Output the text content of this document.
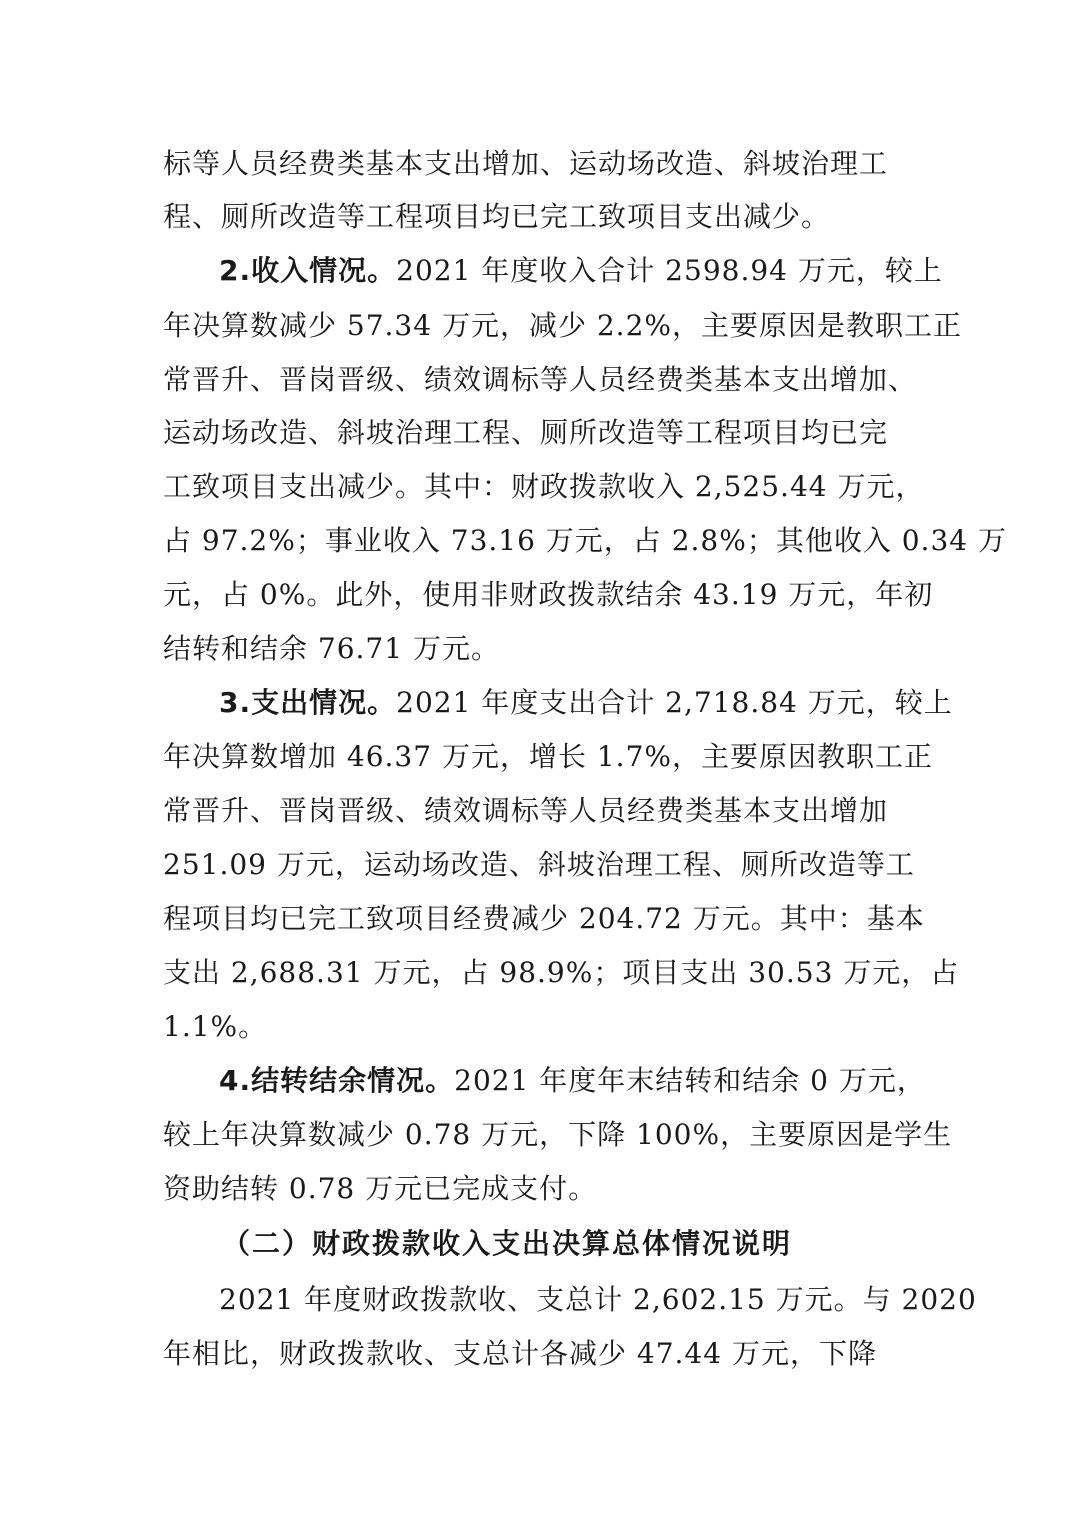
标等人员经费类基本支出增加、运动场改造、斜坡治理工
程、厕所改造等工程项目均已完工致项目支出减少。
2.收入情况。2021 年度收入合计 2598.94 万元，较上
年决算数减少 57.34 万元，减少 2.2%，主要原因是教职工正
常晋升、晋岗晋级、绩效调标等人员经费类基本支出增加、
运动场改造、斜坡治理工程、厕所改造等工程项目均已完
工致项目支出减少。其中：财政拨款收入 2,525.44 万元，
占 97.2%；事业收入 73.16 万元，占 2.8%；其他收入 0.34 万
元，占 0%。此外，使用非财政拨款结余 43.19 万元，年初
结转和结余 76.71 万元。
3.支出情况。2021 年度支出合计 2,718.84 万元，较上
年决算数增加 46.37 万元，增长 1.7%，主要原因教职工正
常晋升、晋岗晋级、绩效调标等人员经费类基本支出增加
251.09 万元，运动场改造、斜坡治理工程、厕所改造等工
程项目均已完工致项目经费减少 204.72 万元。其中：基本
支出 2,688.31 万元，占 98.9%；项目支出 30.53 万元，占
1.1%。
4.结转结余情况。2021 年度年末结转和结余 0 万元，
较上年决算数减少 0.78 万元，下降 100%，主要原因是学生
资助结转 0.78 万元已完成支付。
（二）财政拨款收入支出决算总体情况说明
2021 年度财政拨款收、支总计 2,602.15 万元。与 2020
年相比，财政拨款收、支总计各减少 47.44 万元，下降
